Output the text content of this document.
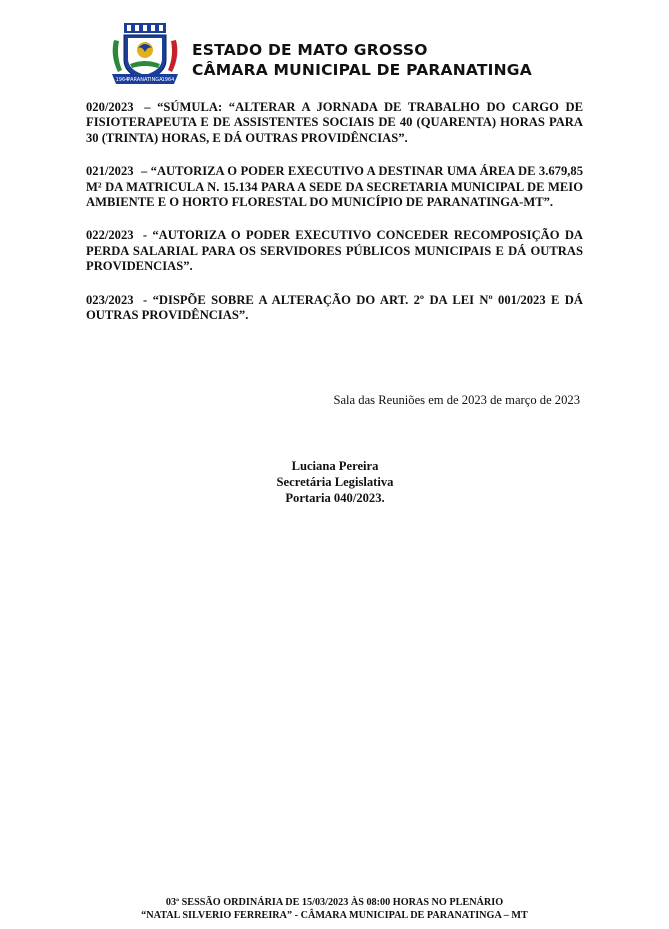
PARANATINGA
1964	1964
ESTADO DE MATO GROSSO
CÂMARA MUNICIPAL DE PARANATINGA

020/2023 – “SÚMULA: “ALTERAR A JORNADA DE TRABALHO DO CARGO DE FISIOTERAPEUTA E DE ASSISTENTES SOCIAIS DE 40 (QUARENTA) HORAS PARA 30 (TRINTA) HORAS, E DÁ OUTRAS PROVIDÊNCIAS”.

021/2023 – “AUTORIZA O PODER EXECUTIVO A DESTINAR UMA ÁREA DE 3.679,85 M² DA MATRICULA N. 15.134 PARA A SEDE DA SECRETARIA MUNICIPAL DE MEIO AMBIENTE E O HORTO FLORESTAL DO MUNICÍPIO DE PARANATINGA-MT”.

022/2023 - “AUTORIZA O PODER EXECUTIVO CONCEDER RECOMPOSIÇÃO DA PERDA SALARIAL PARA OS SERVIDORES PÚBLICOS MUNICIPAIS E DÁ OUTRAS PROVIDENCIAS”.

023/2023 - “DISPÕE SOBRE A ALTERAÇÃO DO ART. 2º DA LEI Nº 001/2023 E DÁ OUTRAS PROVIDÊNCIAS”.

Sala das Reuniões em de 2023 de março de 2023
Luciana Pereira
Secretária Legislativa
Portaria 040/2023.
03ª SESSÃO ORDINÁRIA DE 15/03/2023 ÀS 08:00 HORAS NO PLENÁRIO
“NATAL SILVERIO FERREIRA” - CÂMARA MUNICIPAL DE PARANATINGA – MT
